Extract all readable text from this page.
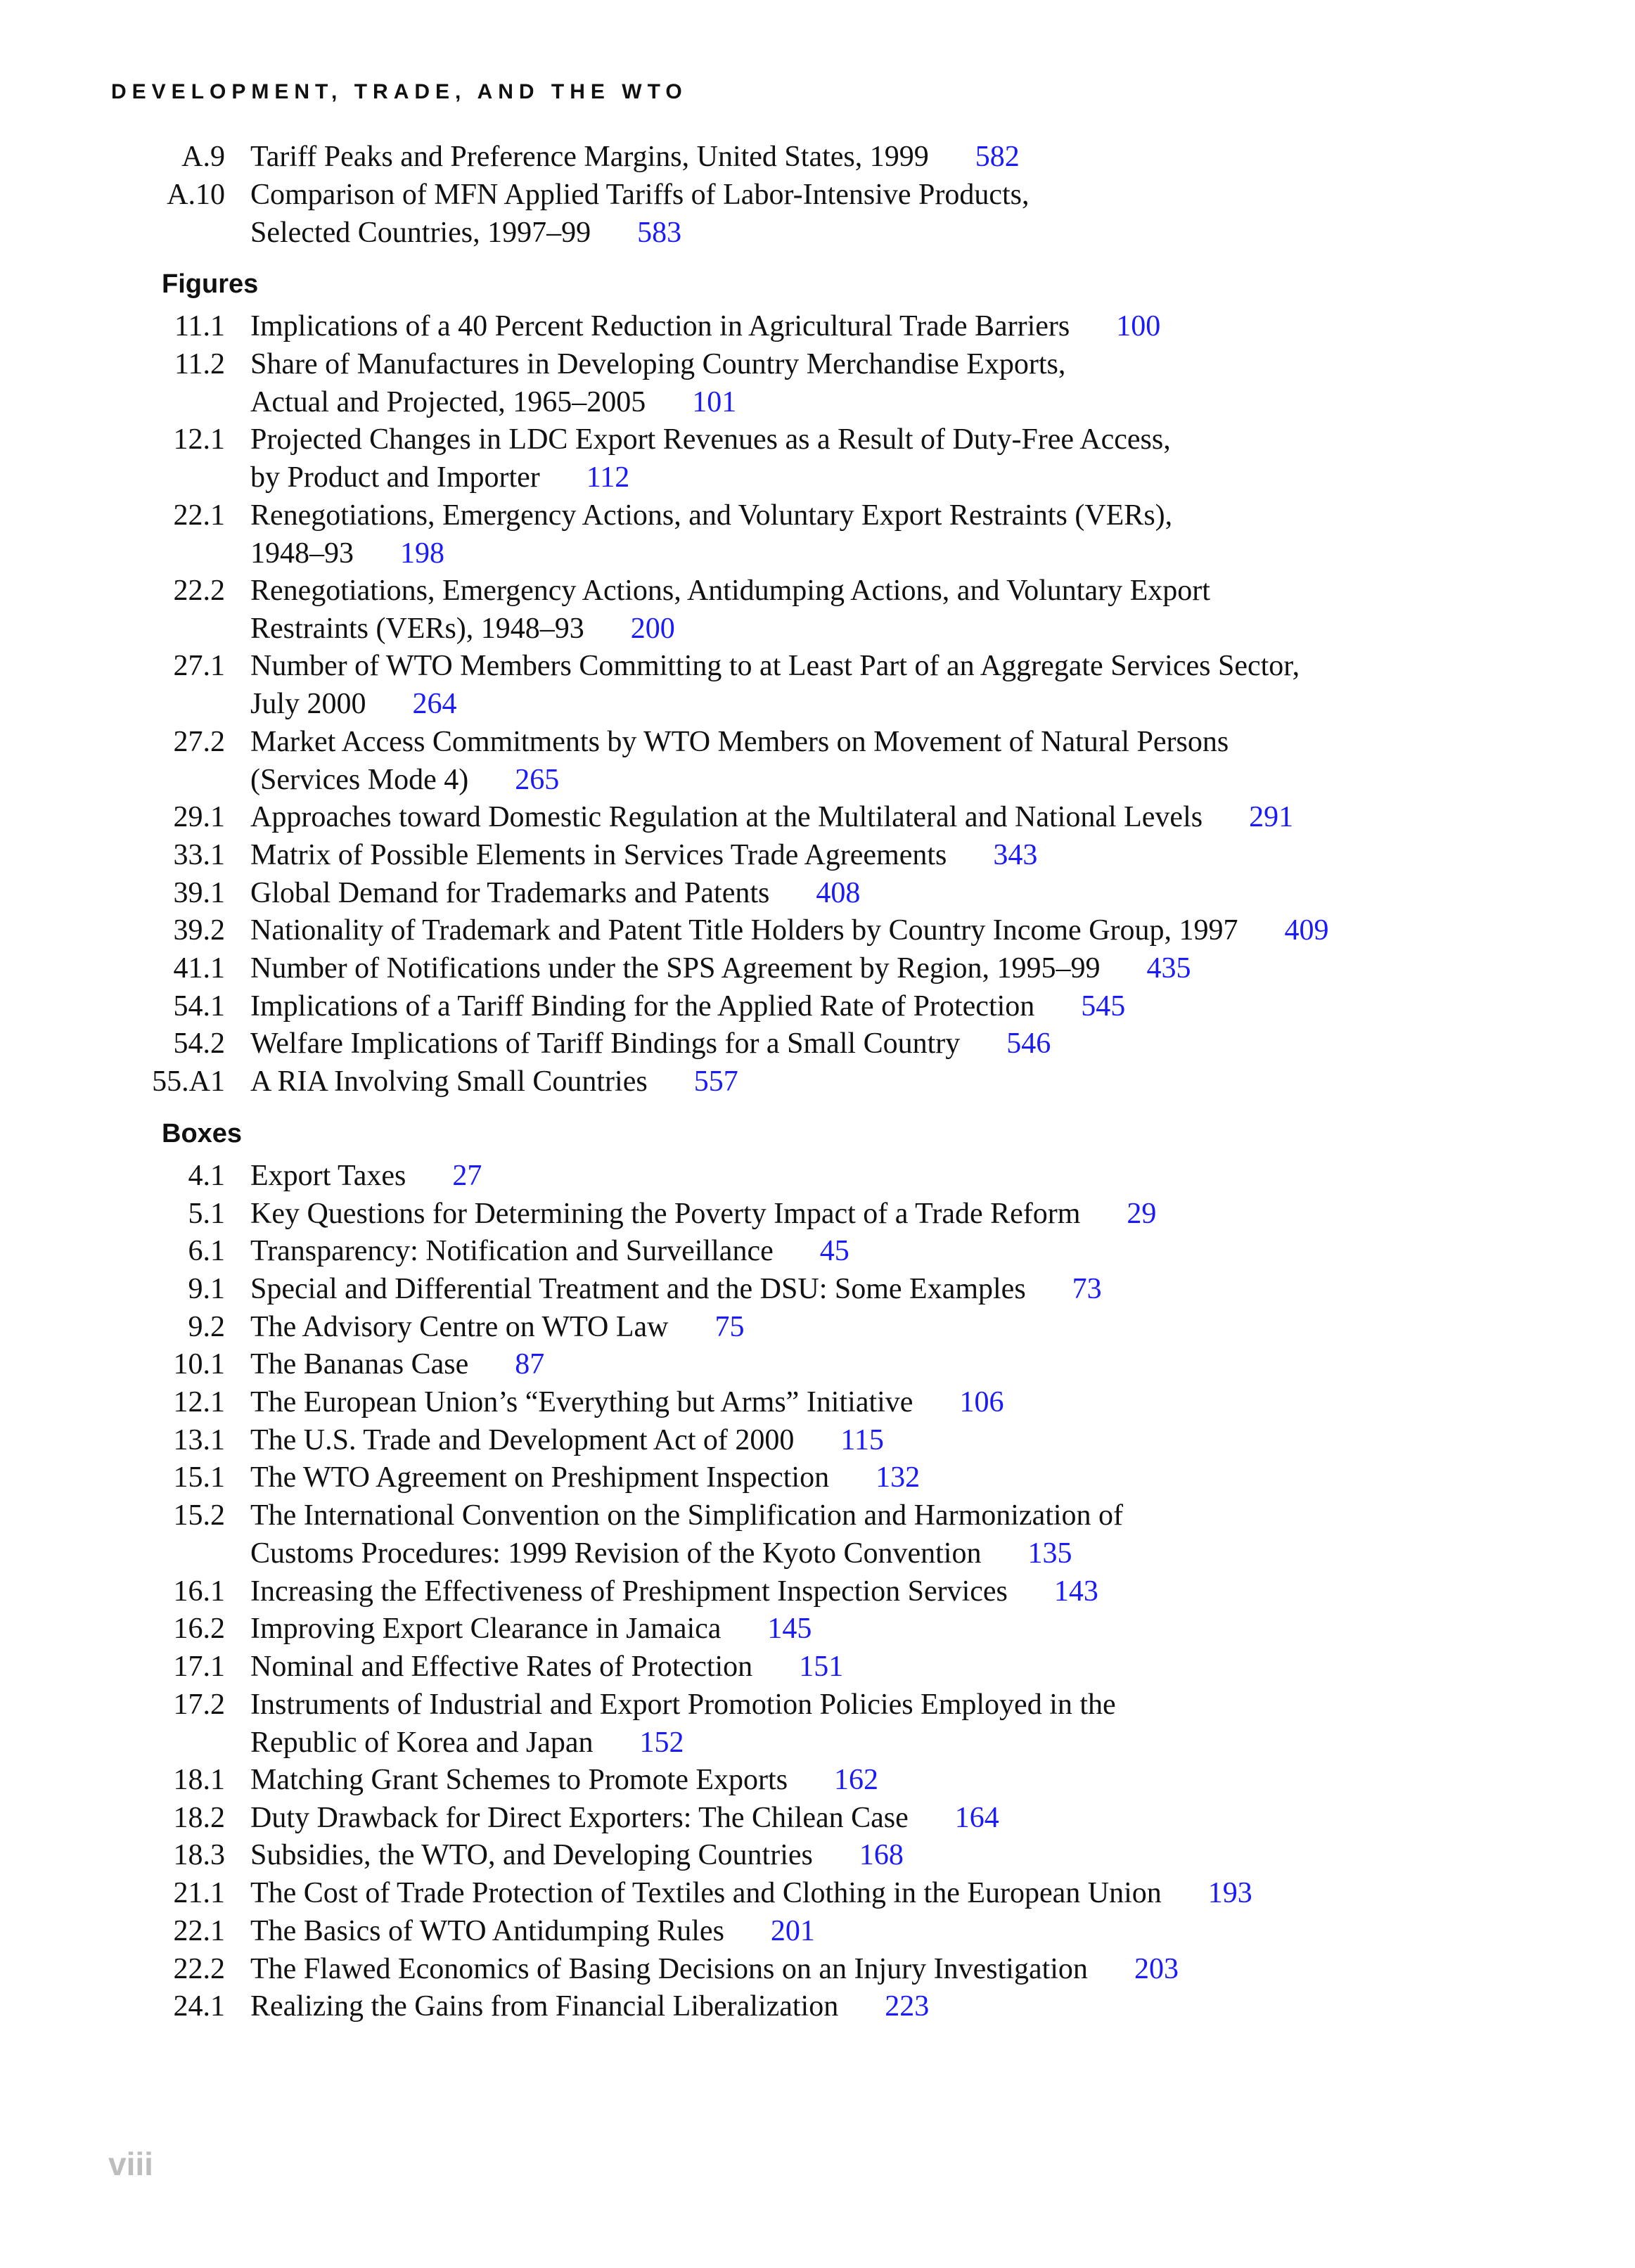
DEVELOPMENT, TRADE, AND THE WTO
A.9 Tariff Peaks and Preference Margins, United States, 1999 582
A.10 Comparison of MFN Applied Tariffs of Labor-Intensive Products,
Selected Countries, 1997–99 583
Figures
11.1 Implications of a 40 Percent Reduction in Agricultural Trade Barriers 100
11.2 Share of Manufactures in Developing Country Merchandise Exports,
Actual and Projected, 1965–2005 101
12.1 Projected Changes in LDC Export Revenues as a Result of Duty-Free Access,
by Product and Importer 112
22.1 Renegotiations, Emergency Actions, and Voluntary Export Restraints (VERs),
1948–93 198
22.2 Renegotiations, Emergency Actions, Antidumping Actions, and Voluntary Export
Restraints (VERs), 1948–93 200
27.1 Number of WTO Members Committing to at Least Part of an Aggregate Services Sector,
July 2000 264
27.2 Market Access Commitments by WTO Members on Movement of Natural Persons
(Services Mode 4) 265
29.1 Approaches toward Domestic Regulation at the Multilateral and National Levels 291
33.1 Matrix of Possible Elements in Services Trade Agreements 343
39.1 Global Demand for Trademarks and Patents 408
39.2 Nationality of Trademark and Patent Title Holders by Country Income Group, 1997 409
41.1 Number of Notifications under the SPS Agreement by Region, 1995–99 435
54.1 Implications of a Tariff Binding for the Applied Rate of Protection 545
54.2 Welfare Implications of Tariff Bindings for a Small Country 546
55.A1 A RIA Involving Small Countries 557
Boxes
4.1 Export Taxes 27
5.1 Key Questions for Determining the Poverty Impact of a Trade Reform 29
6.1 Transparency: Notification and Surveillance 45
9.1 Special and Differential Treatment and the DSU: Some Examples 73
9.2 The Advisory Centre on WTO Law 75
10.1 The Bananas Case 87
12.1 The European Union’s “Everything but Arms” Initiative 106
13.1 The U.S. Trade and Development Act of 2000 115
15.1 The WTO Agreement on Preshipment Inspection 132
15.2 The International Convention on the Simplification and Harmonization of
Customs Procedures: 1999 Revision of the Kyoto Convention 135
16.1 Increasing the Effectiveness of Preshipment Inspection Services 143
16.2 Improving Export Clearance in Jamaica 145
17.1 Nominal and Effective Rates of Protection 151
17.2 Instruments of Industrial and Export Promotion Policies Employed in the
Republic of Korea and Japan 152
18.1 Matching Grant Schemes to Promote Exports 162
18.2 Duty Drawback for Direct Exporters: The Chilean Case 164
18.3 Subsidies, the WTO, and Developing Countries 168
21.1 The Cost of Trade Protection of Textiles and Clothing in the European Union 193
22.1 The Basics of WTO Antidumping Rules 201
22.2 The Flawed Economics of Basing Decisions on an Injury Investigation 203
24.1 Realizing the Gains from Financial Liberalization 223
viii
